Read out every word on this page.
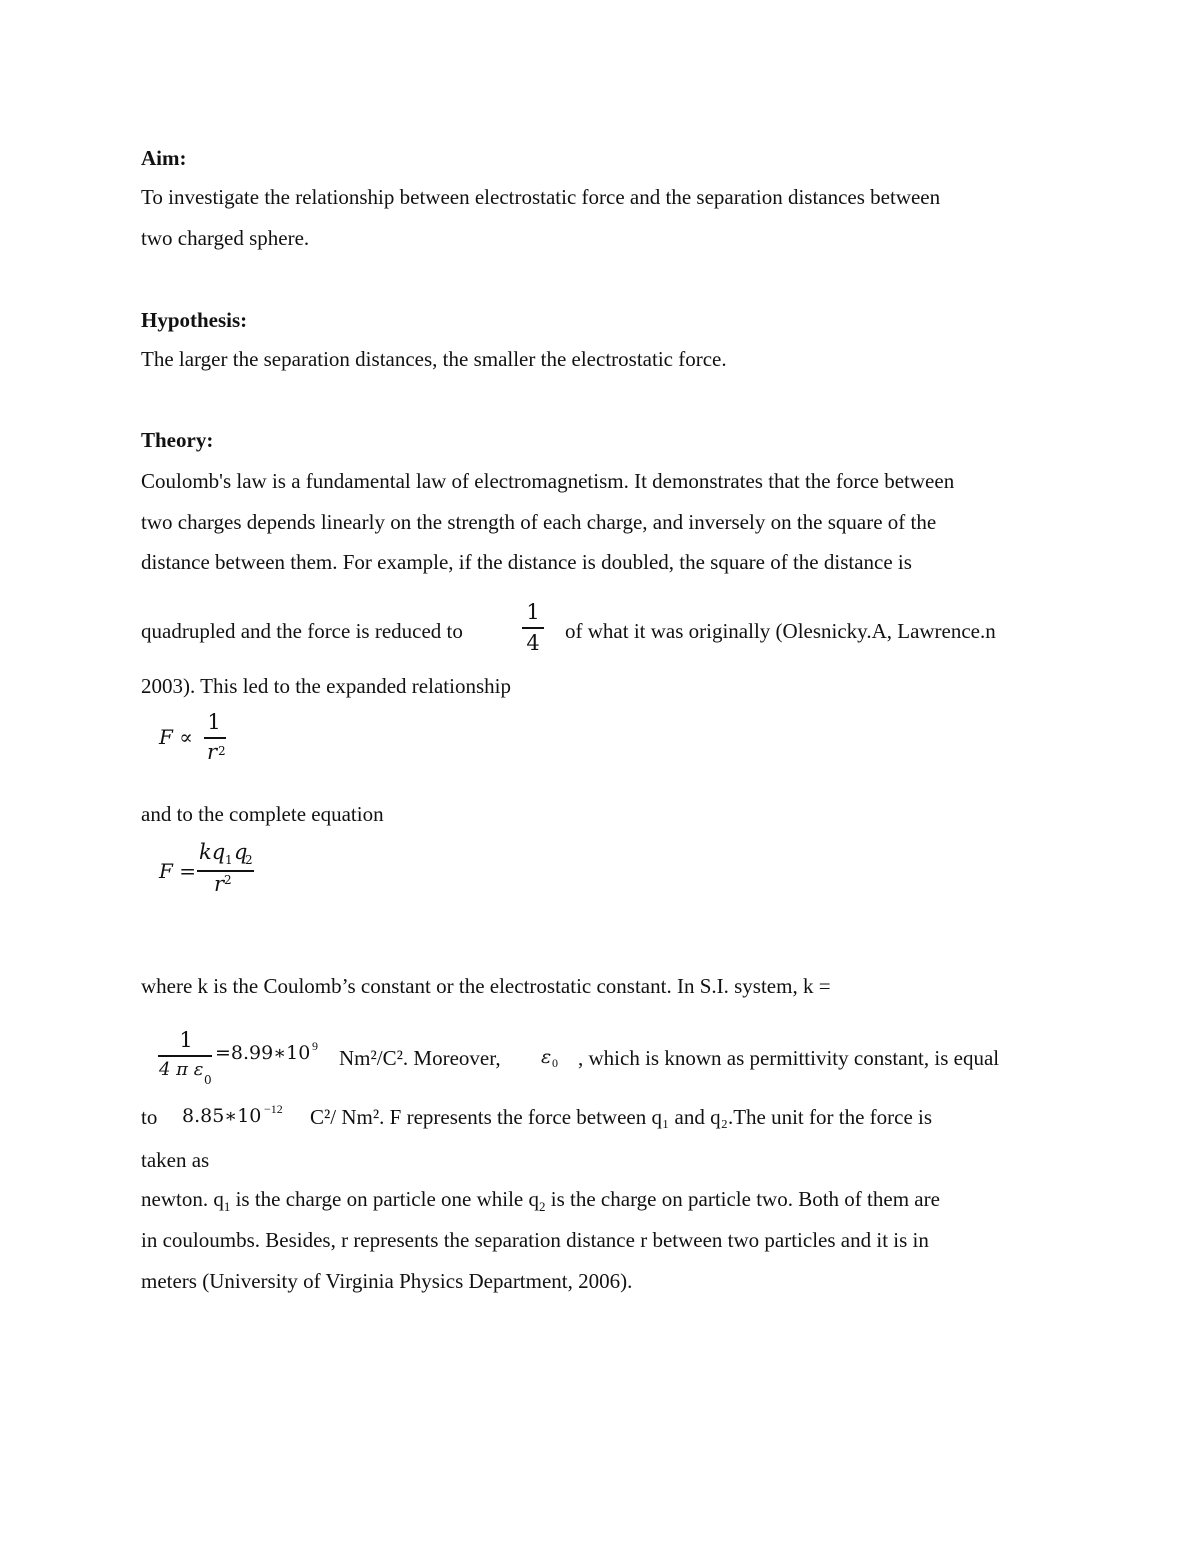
Aim:
To investigate the relationship between electrostatic force and the separation distances between
two charged sphere.
Hypothesis:
The larger the separation distances, the smaller the electrostatic force.
Theory:
Coulomb's law is a fundamental law of electromagnetism. It demonstrates that the force between
two charges depends linearly on the strength of each charge, and inversely on the square of the
distance between them. For example, if the distance is doubled, the square of the distance is
quadrupled and the force is reduced to
1
4	of what it was originally (Olesnicky.A, Lawrence.n
2003). This led to the expanded relationship
F ∝
1
r 2
and to the complete equation
F =
kq 1 q
2
r 2
where k is the Coulomb’s constant or the electrostatic constant. In S.I. system, k =
1
4 π ε 0
=8.99∗10 9 Nm²/C². Moreover, ε 0 , which is known as permittivity constant, is equal
to 8.85∗10 −12 C²/ Nm². F represents the force between q₁ and q₂.The unit for the force is
taken as
newton. $q_1$ is the charge on particle one while $q_2$ is the charge on particle two. Both of them are
in couloumbs. Besides, r represents the separation distance r between two particles and it is in
meters (University of Virginia Physics Department, 2006).
